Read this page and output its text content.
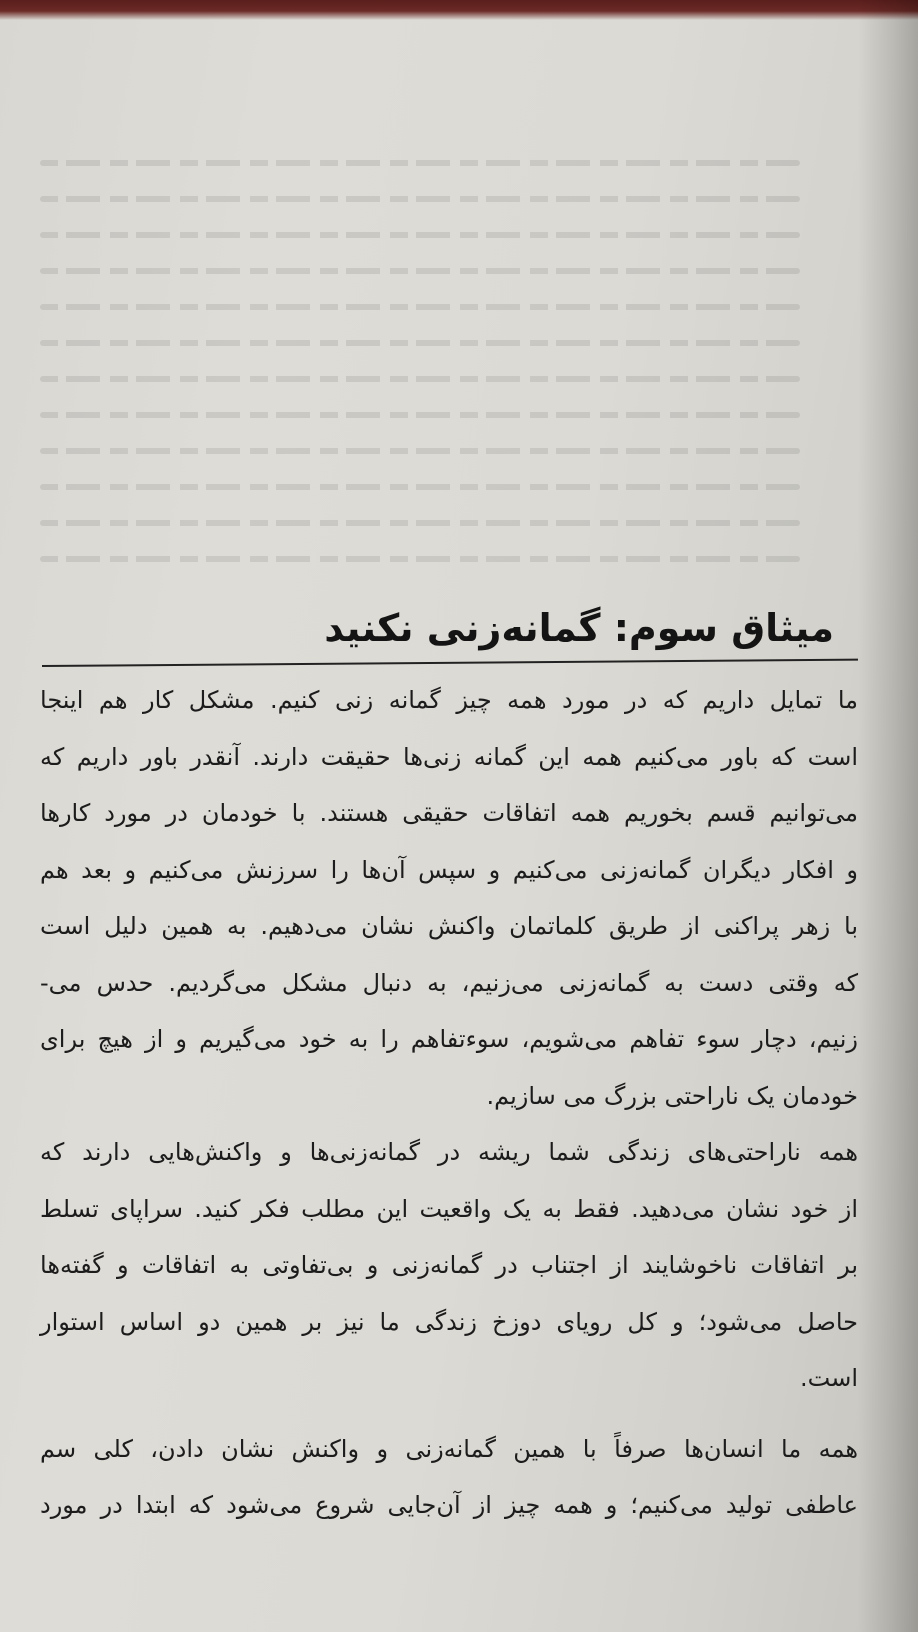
میثاق سوم: گمانه‌زنی نکنید

ما تمایل داریم که در مورد همه چیز گمانه زنی کنیم. مشکل کار هم اینجا

است که باور می‌کنیم همه این گمانه زنی‌ها حقیقت دارند. آنقدر باور داریم که

می‌توانیم قسم بخوریم همه اتفاقات حقیقی هستند. با خودمان در مورد کارها

و افکار دیگران گمانه‌زنی می‌کنیم و سپس آن‌ها را سرزنش می‌کنیم و بعد هم

با زهر پراکنی از طریق کلماتمان واکنش نشان می‌دهیم. به همین دلیل است

که وقتی دست به گمانه‌زنی می‌زنیم، به دنبال مشکل می‌گردیم. حدس می-

زنیم، دچار سوء تفاهم می‌شویم، سوءتفاهم را به خود می‌گیریم و از هیچ برای

خودمان یک ناراحتی بزرگ می سازیم.

همه ناراحتی‌های زندگی شما ریشه در گمانه‌زنی‌ها و واکنش‌هایی دارند که

از خود نشان می‌دهید. فقط به یک واقعیت این مطلب فکر کنید. سراپای تسلط

بر اتفاقات ناخوشایند از اجتناب در گمانه‌زنی و بی‌تفاوتی به اتفاقات و گفته‌ها

حاصل می‌شود؛ و کل رویای دوزخ زندگی ما نیز بر همین دو اساس استوار

است.

همه ما انسان‌ها صرفاً با همین گمانه‌زنی و واکنش نشان دادن، کلی سم

عاطفی تولید می‌کنیم؛ و همه چیز از آن‌جایی شروع می‌شود که ابتدا در مورد
